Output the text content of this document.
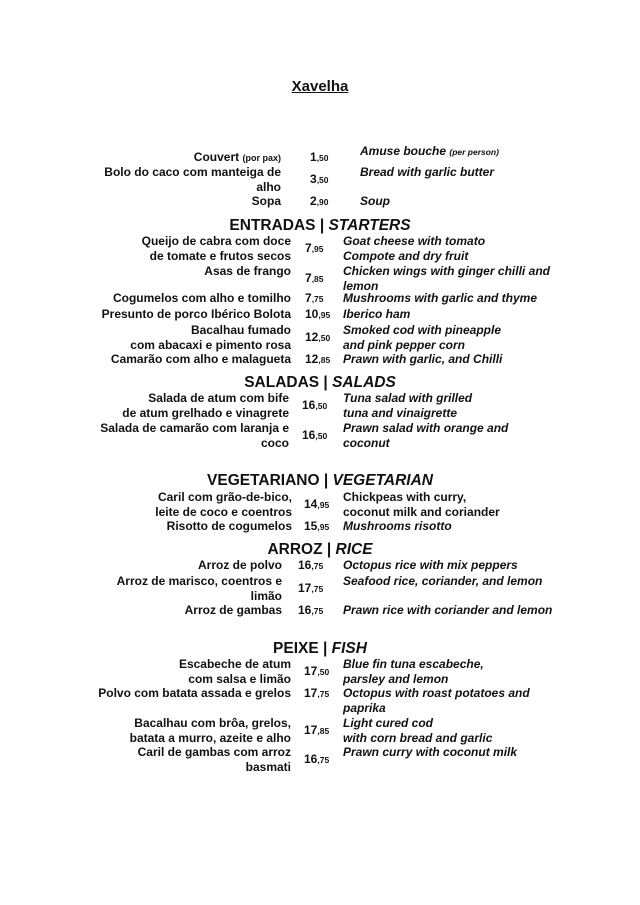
Xavelha
Couvert (por pax) 1,50	Amuse bouche (per person)
Bolo do caco com manteiga de
alho
3,50
Bread with garlic butter
Sopa 2,90	Soup
ENTRADAS | STARTERS
Queijo de cabra com doce
de tomate e frutos secos
7,95
Goat cheese with tomato
Compote and dry fruit
Asas de frango
7,85
Chicken wings with ginger chilli and lemon
Cogumelos com alho e tomilho 7,75 Mushrooms with garlic and thyme
Presunto de porco Ibérico Bolota 10,95 Iberico ham
Bacalhau fumado
com abacaxi e pimento rosa
12,50
Smoked cod with pineapple
and pink pepper corn
Camarão com alho e malagueta 12,85 Prawn with garlic, and Chilli
SALADAS | SALADS
Salada de atum com bife
de atum grelhado e vinagrete
16,50
Tuna salad with grilled
tuna and vinaigrette
Salada de camarão com laranja e
coco
16,50
Prawn salad with orange and coconut
VEGETARIANO | VEGETARIAN
Caril com grão-de-bico,
leite de coco e coentros
14,95
Chickpeas with curry,
coconut milk and coriander
Risotto de cogumelos 15,95 Mushrooms risotto
ARROZ | RICE
Arroz de polvo 16,75 Octopus rice with mix peppers
Arroz de marisco, coentros e
limão
17,75
Seafood rice, coriander, and lemon
Arroz de gambas 16,75 Prawn rice with coriander and lemon
PEIXE | FISH
Escabeche de atum
com salsa e limão
17,50
Blue fin tuna escabeche,
parsley and lemon
Polvo com batata assada e grelos 17,75 Octopus with roast potatoes and paprika
Bacalhau com brôa, grelos,
batata a murro, azeite e alho
17,85
Light cured cod
with corn bread and garlic
Caril de gambas com arroz
basmati
16,75
Prawn curry with coconut milk
